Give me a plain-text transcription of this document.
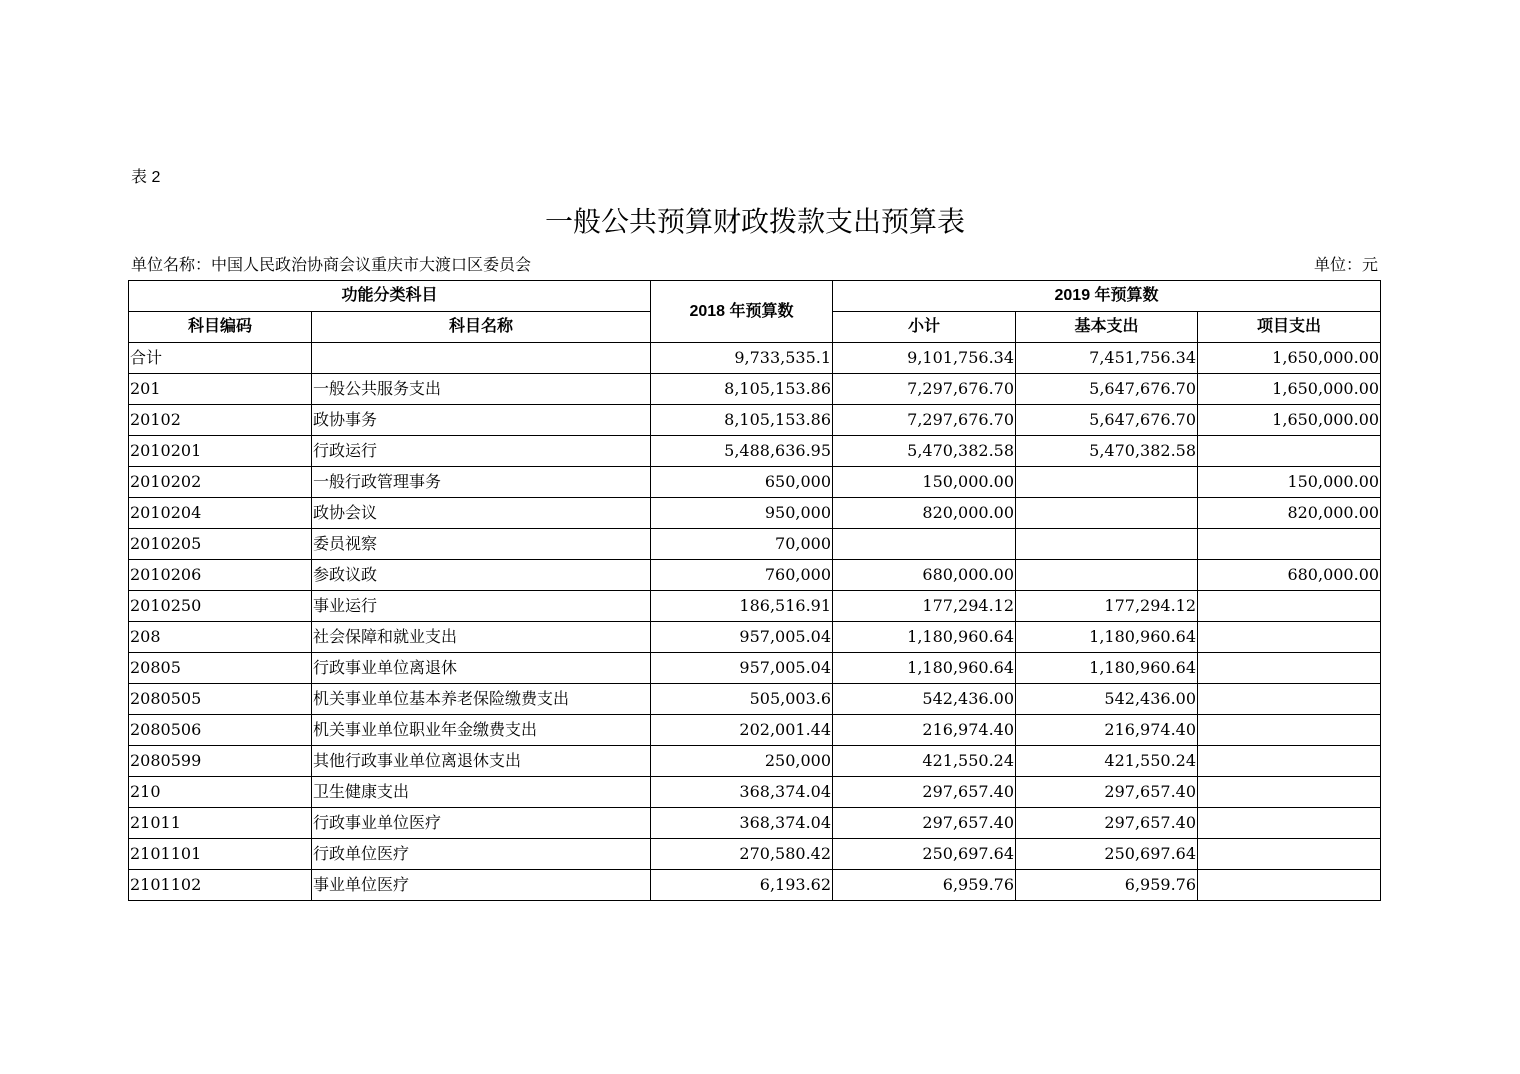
表 2
一般公共预算财政拨款支出预算表
单位名称：中国人民政治协商会议重庆市大渡口区委员会	单位：元
功能分类科目		2018 年预算数	2019 年预算数		
科目编码	科目名称		小计	基本支出	项目支出
合计		9,733,535.1	9,101,756.34	7,451,756.34	1,650,000.00
201	一般公共服务支出	8,105,153.86	7,297,676.70	5,647,676.70	1,650,000.00
20102	政协事务	8,105,153.86	7,297,676.70	5,647,676.70	1,650,000.00
2010201	行政运行	5,488,636.95	5,470,382.58	5,470,382.58	
2010202	一般行政管理事务	650,000	150,000.00		150,000.00
2010204	政协会议	950,000	820,000.00		820,000.00
2010205	委员视察	70,000			
2010206	参政议政	760,000	680,000.00		680,000.00
2010250	事业运行	186,516.91	177,294.12	177,294.12	
208	社会保障和就业支出	957,005.04	1,180,960.64	1,180,960.64	
20805	行政事业单位离退休	957,005.04	1,180,960.64	1,180,960.64	
2080505	机关事业单位基本养老保险缴费支出	505,003.6	542,436.00	542,436.00	
2080506	机关事业单位职业年金缴费支出	202,001.44	216,974.40	216,974.40	
2080599	其他行政事业单位离退休支出	250,000	421,550.24	421,550.24	
210	卫生健康支出	368,374.04	297,657.40	297,657.40	
21011	行政事业单位医疗	368,374.04	297,657.40	297,657.40	
2101101	行政单位医疗	270,580.42	250,697.64	250,697.64	
2101102	事业单位医疗	6,193.62	6,959.76	6,959.76	
